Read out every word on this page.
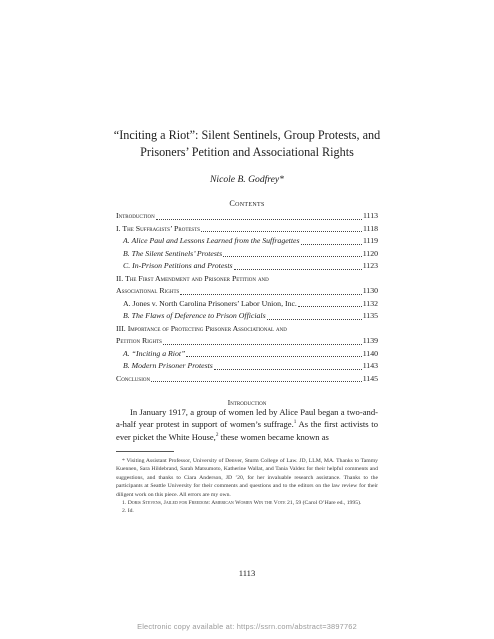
“Inciting a Riot”: Silent Sentinels, Group Protests, and
Prisoners’ Petition and Associational Rights
Nicole B. Godfrey*
Contents
Introduction	1113
I. The Suffragists’ Protests	1118
A. Alice Paul and Lessons Learned from the Suffragettes	1119
B. The Silent Sentinels’ Protests	1120
C. In-Prison Petitions and Protests	1123
II. The First Amendment and Prisoner Petition and
Associational Rights	1130
A. Jones v. North Carolina Prisoners’ Labor Union, Inc.	1132
B. The Flaws of Deference to Prison Officials	1135
III. Importance of Protecting Prisoner Associational and
Petition Rights	1139
A. “Inciting a Riot”	1140
B. Modern Prisoner Protests	1143
Conclusion	1145
Introduction

In January 1917, a group of women led by Alice Paul began a two-and-a-half year protest in support of women’s suffrage.$^1$ As the first activists to ever picket the White House,$^2$ these women became known as

* Visiting Assistant Professor, University of Denver, Sturm College of Law. JD, LLM, MA. Thanks to Tammy Kuennen, Sara Hildebrand, Sarah Matsumoto, Katherine Wallat, and Tania Valdez for their helpful comments and suggestions, and thanks to Ciara Anderson, JD ’20, for her invaluable research assistance. Thanks to the participants at Seattle University for their comments and questions and to the editors on the law review for their diligent work on this piece. All errors are my own.

1. Doris Stevens, Jailed for Freedom: American Women Win the Vote 21, 59 (Carol O’Hare ed., 1995).

2. Id.

1113
Electronic copy available at: https://ssrn.com/abstract=3897762
